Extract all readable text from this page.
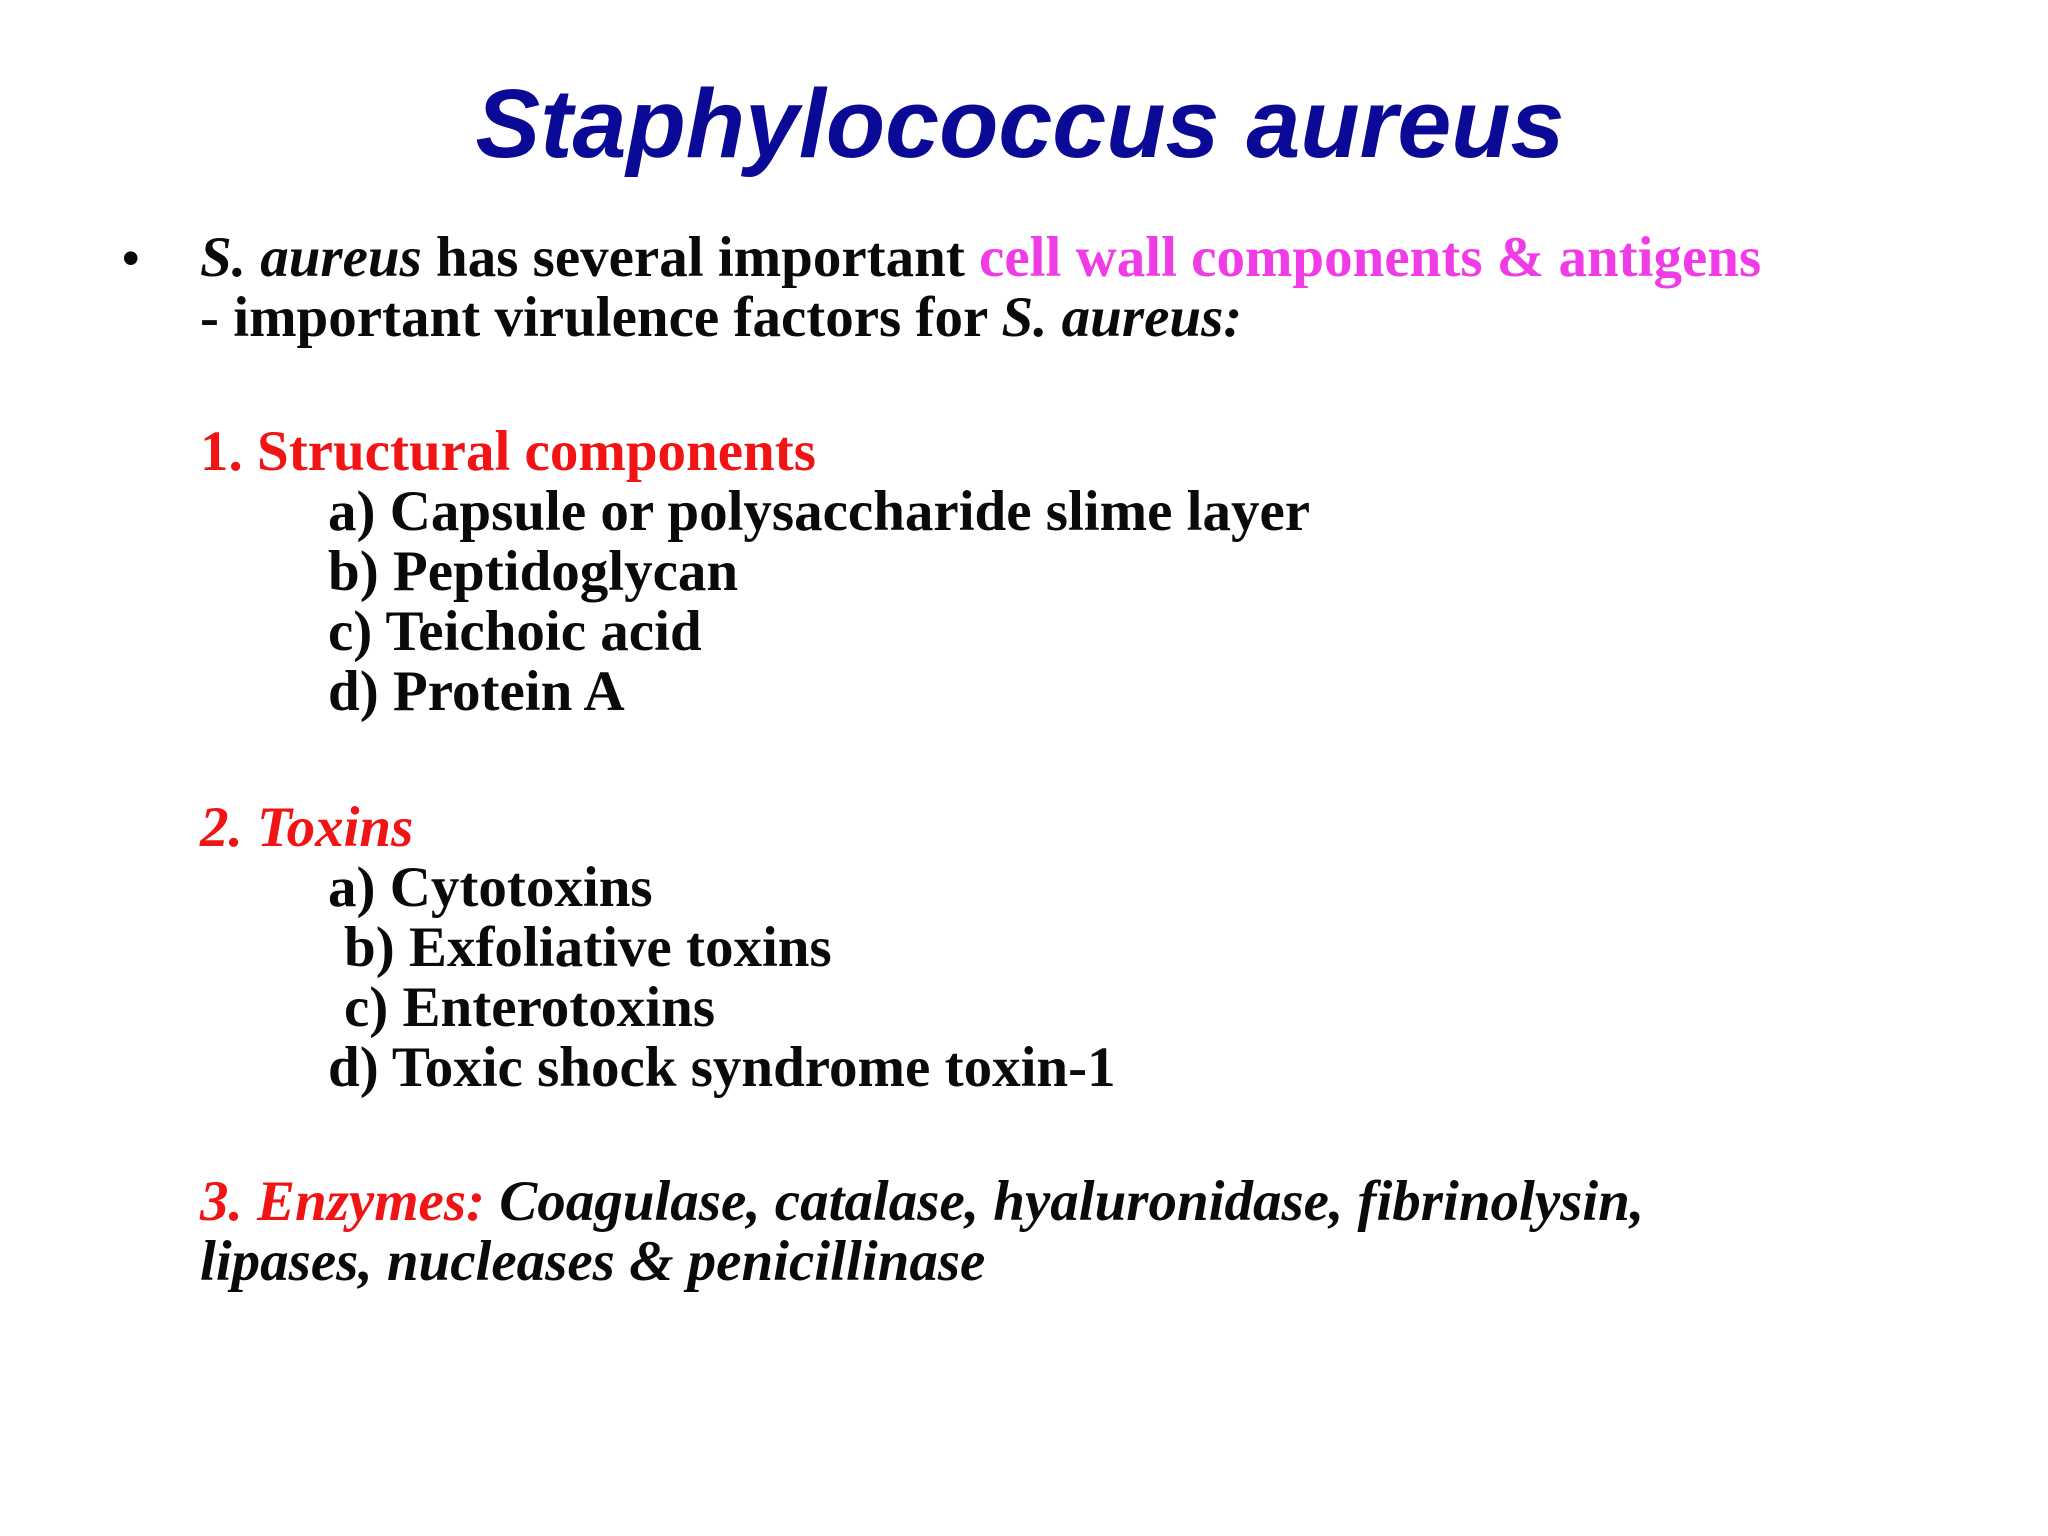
Staphylococcus aureus
• S. aureus has several important cell wall components & antigens
- important virulence factors for S. aureus:
1. Structural components
a) Capsule or polysaccharide slime layer
b) Peptidoglycan
c) Teichoic acid
d) Protein A
2. Toxins
a) Cytotoxins
b) Exfoliative toxins
c) Enterotoxins
d) Toxic shock syndrome toxin-1
3. Enzymes: Coagulase, catalase, hyaluronidase, fibrinolysin,
lipases, nucleases & penicillinase
